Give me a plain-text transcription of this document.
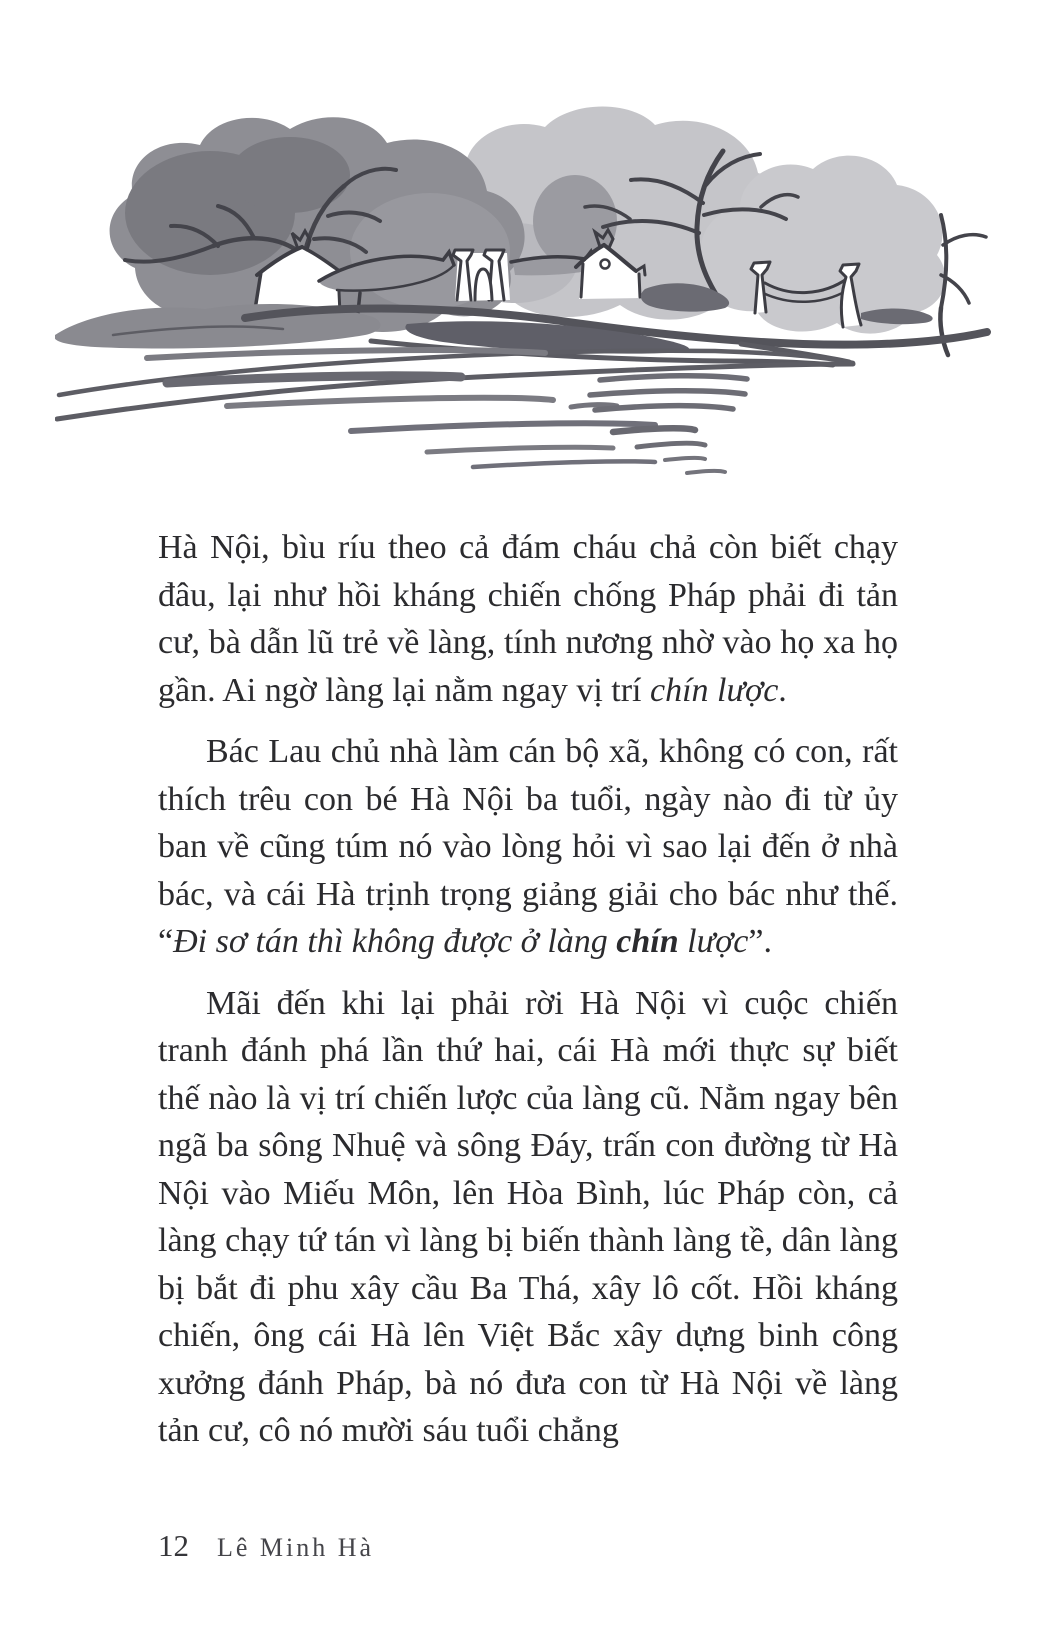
Hà Nội, bìu ríu theo cả đám cháu chả còn biết chạy đâu, lại như hồi kháng chiến chống Pháp phải đi tản cư, bà dẫn lũ trẻ về làng, tính nương nhờ vào họ xa họ gần. Ai ngờ làng lại nằm ngay vị trí chín lược.

Bác Lau chủ nhà làm cán bộ xã, không có con, rất thích trêu con bé Hà Nội ba tuổi, ngày nào đi từ ủy ban về cũng túm nó vào lòng hỏi vì sao lại đến ở nhà bác, và cái Hà trịnh trọng giảng giải cho bác như thế. “Đi sơ tán thì không được ở làng chín lược”.

Mãi đến khi lại phải rời Hà Nội vì cuộc chiến tranh đánh phá lần thứ hai, cái Hà mới thực sự biết thế nào là vị trí chiến lược của làng cũ. Nằm ngay bên ngã ba sông Nhuệ và sông Đáy, trấn con đường từ Hà Nội vào Miếu Môn, lên Hòa Bình, lúc Pháp còn, cả làng chạy tứ tán vì làng bị biến thành làng tề, dân làng bị bắt đi phu xây cầu Ba Thá, xây lô cốt. Hồi kháng chiến, ông cái Hà lên Việt Bắc xây dựng binh công xưởng đánh Pháp, bà nó đưa con từ Hà Nội về làng tản cư, cô nó mười sáu tuổi chẳng

12 Lê Minh Hà
